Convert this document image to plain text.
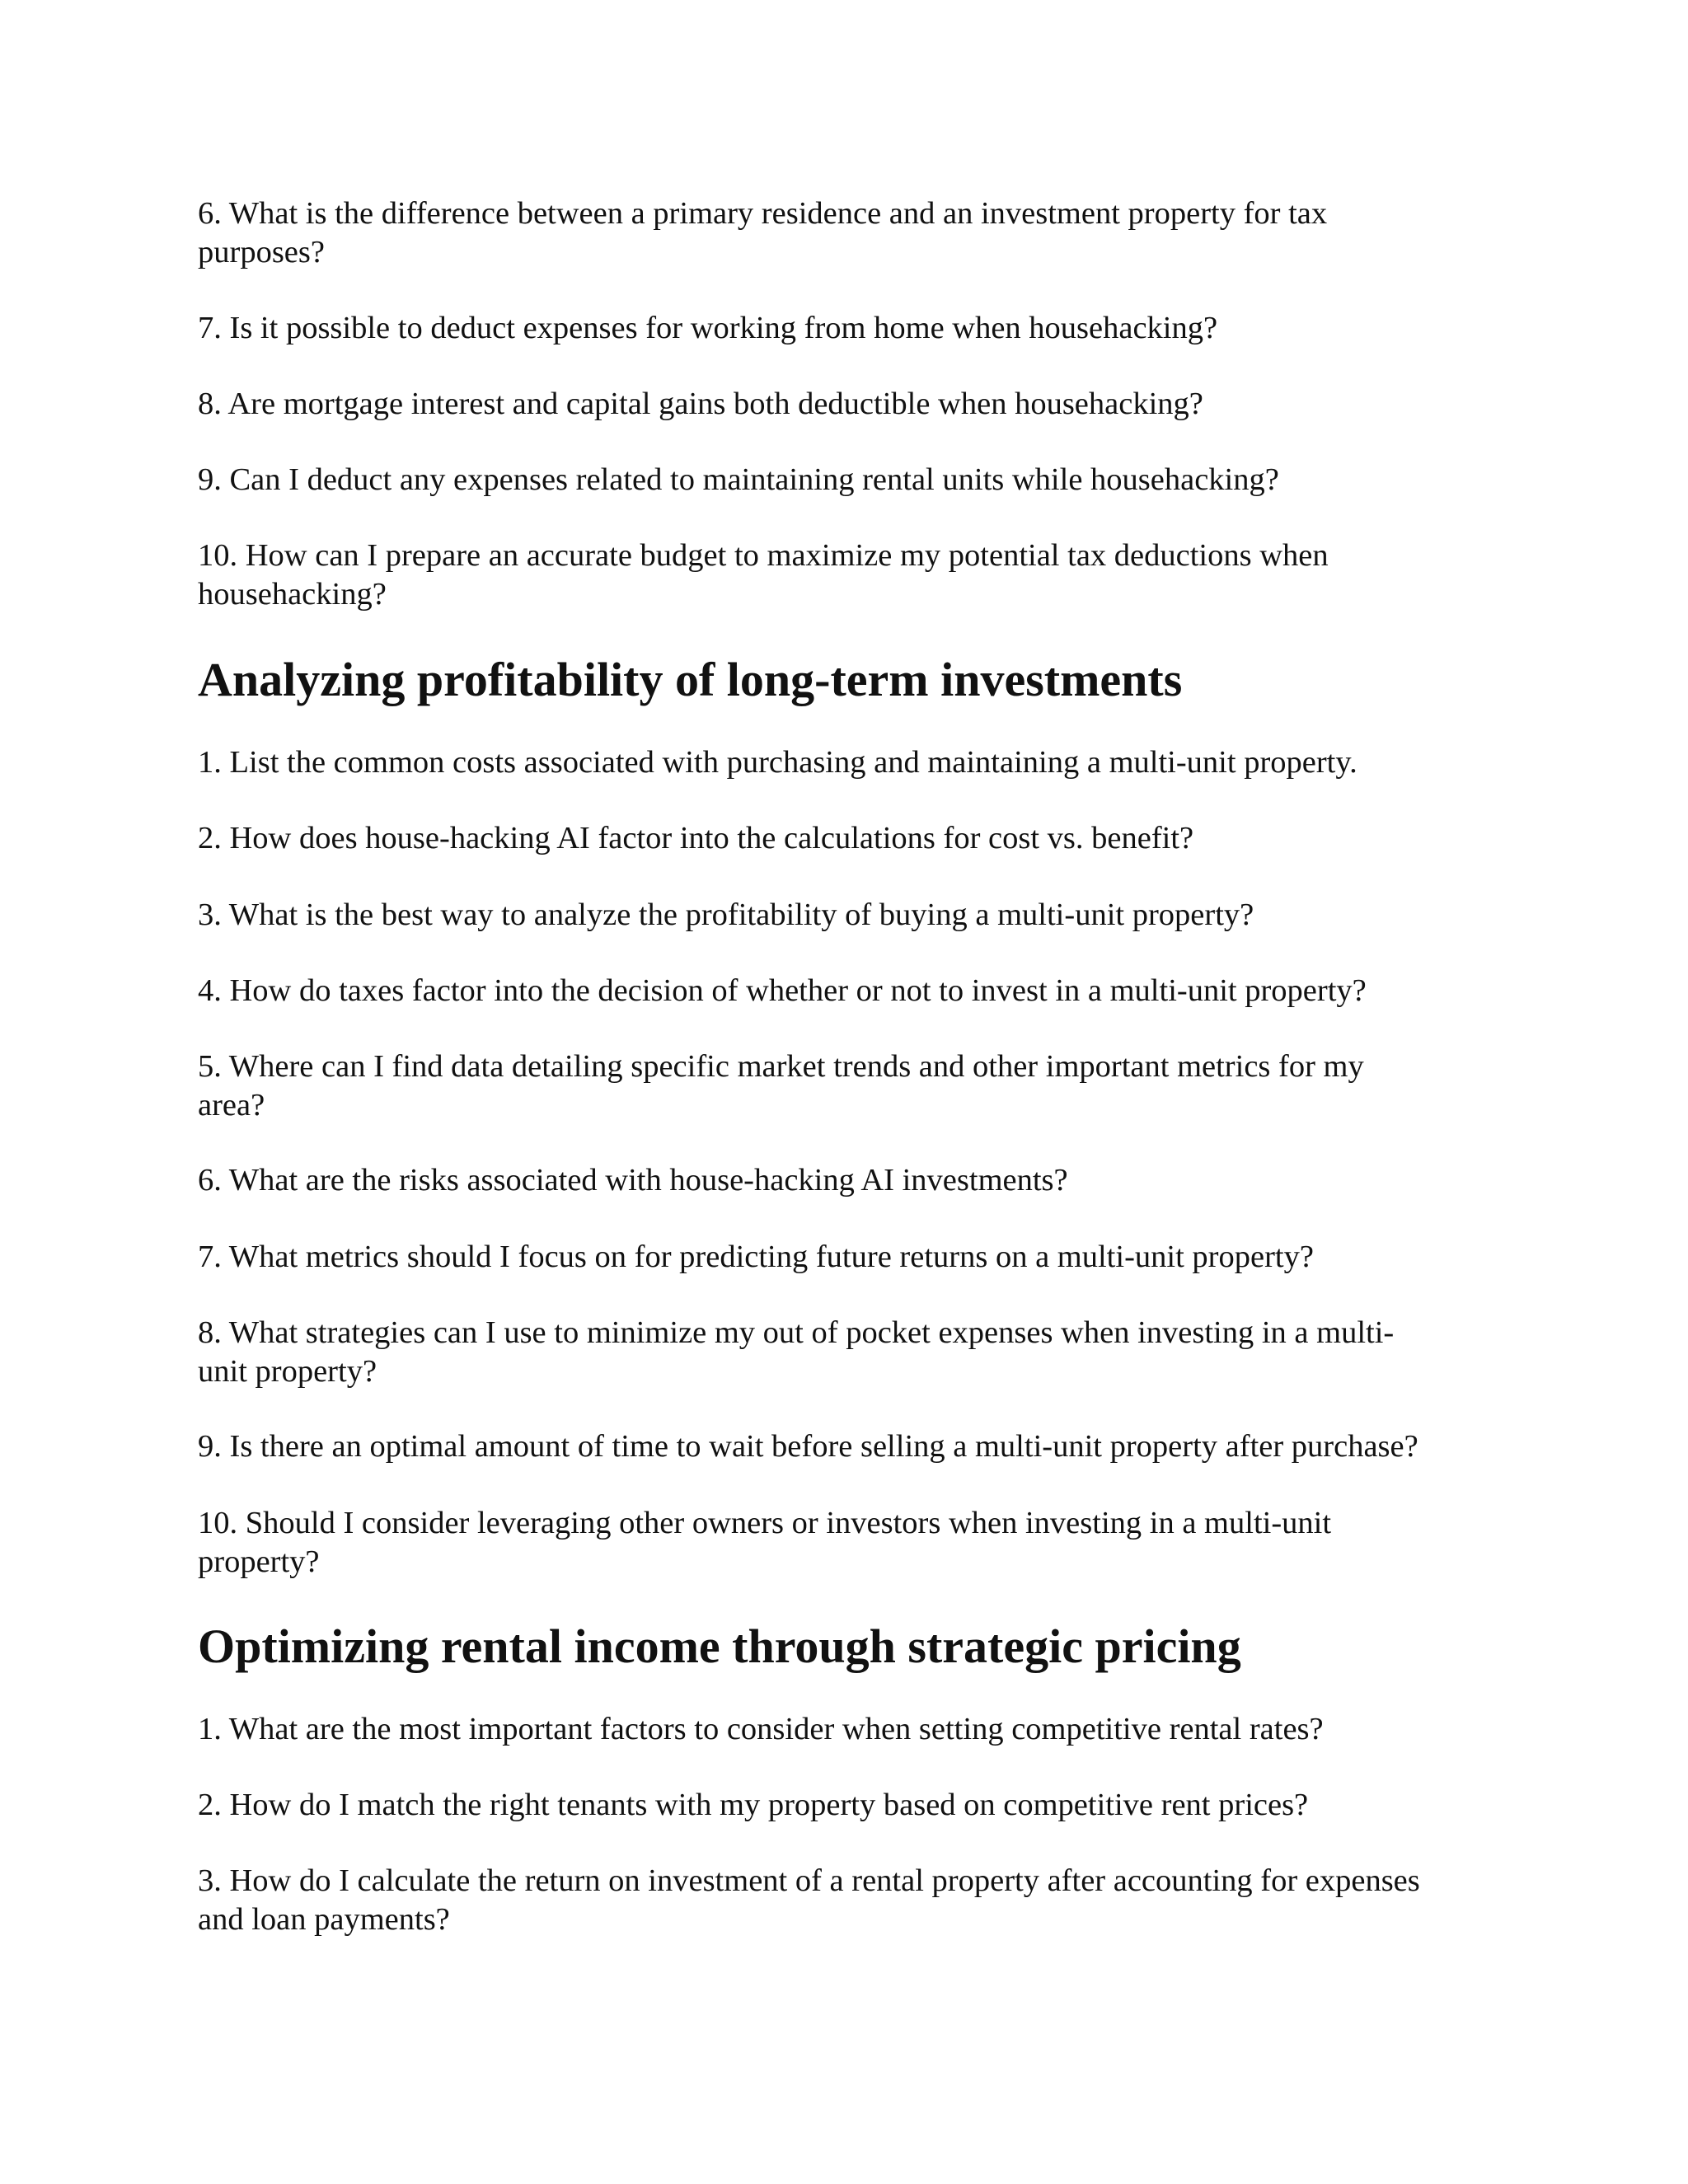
6. What is the difference between a primary residence and an investment property for tax
purposes?

7. Is it possible to deduct expenses for working from home when househacking?

8. Are mortgage interest and capital gains both deductible when househacking?

9. Can I deduct any expenses related to maintaining rental units while househacking?

10. How can I prepare an accurate budget to maximize my potential tax deductions when
househacking?

Analyzing profitability of long-term investments

1. List the common costs associated with purchasing and maintaining a multi-unit property.

2. How does house-hacking AI factor into the calculations for cost vs. benefit?

3. What is the best way to analyze the profitability of buying a multi-unit property?

4. How do taxes factor into the decision of whether or not to invest in a multi-unit property?

5. Where can I find data detailing specific market trends and other important metrics for my
area?

6. What are the risks associated with house-hacking AI investments?

7. What metrics should I focus on for predicting future returns on a multi-unit property?

8. What strategies can I use to minimize my out of pocket expenses when investing in a multi-
unit property?

9. Is there an optimal amount of time to wait before selling a multi-unit property after purchase?

10. Should I consider leveraging other owners or investors when investing in a multi-unit
property?

Optimizing rental income through strategic pricing

1. What are the most important factors to consider when setting competitive rental rates?

2. How do I match the right tenants with my property based on competitive rent prices?

3. How do I calculate the return on investment of a rental property after accounting for expenses
and loan payments?
